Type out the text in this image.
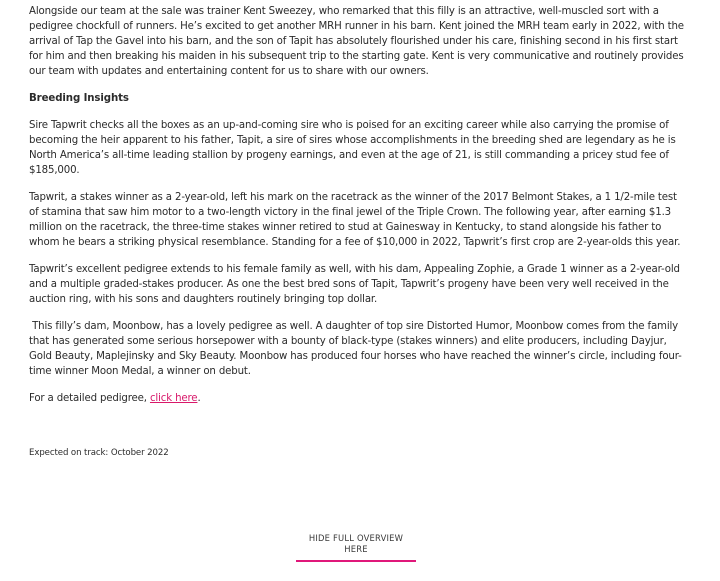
Alongside our team at the sale was trainer Kent Sweezey, who remarked that this filly is an attractive, well-muscled sort with a pedigree chockfull of runners. He’s excited to get another MRH runner in his barn. Kent joined the MRH team early in 2022, with the arrival of Tap the Gavel into his barn, and the son of Tapit has absolutely flourished under his care, finishing second in his first start for him and then breaking his maiden in his subsequent trip to the starting gate. Kent is very communicative and routinely provides our team with updates and entertaining content for us to share with our owners.

Breeding Insights

Sire Tapwrit checks all the boxes as an up-and-coming sire who is poised for an exciting career while also carrying the promise of becoming the heir apparent to his father, Tapit, a sire of sires whose accomplishments in the breeding shed are legendary as he is North America’s all-time leading stallion by progeny earnings, and even at the age of 21, is still commanding a pricey stud fee of $185,000.

Tapwrit, a stakes winner as a 2-year-old, left his mark on the racetrack as the winner of the 2017 Belmont Stakes, a 1 1/2-mile test of stamina that saw him motor to a two-length victory in the final jewel of the Triple Crown. The following year, after earning $1.3 million on the racetrack, the three-time stakes winner retired to stud at Gainesway in Kentucky, to stand alongside his father to whom he bears a striking physical resemblance. Standing for a fee of $10,000 in 2022, Tapwrit’s first crop are 2-year-olds this year.

Tapwrit’s excellent pedigree extends to his female family as well, with his dam, Appealing Zophie, a Grade 1 winner as a 2-year-old and a multiple graded-stakes producer. As one the best bred sons of Tapit, Tapwrit’s progeny have been very well received in the auction ring, with his sons and daughters routinely bringing top dollar.

This filly’s dam, Moonbow, has a lovely pedigree as well. A daughter of top sire Distorted Humor, Moonbow comes from the family that has generated some serious horsepower with a bounty of black-type (stakes winners) and elite producers, including Dayjur, Gold Beauty, Maplejinsky and Sky Beauty. Moonbow has produced four horses who have reached the winner’s circle, including four-time winner Moon Medal, a winner on debut.

For a detailed pedigree, click here.

Expected on track: October 2022

HIDE FULL OVERVIEW HERE
